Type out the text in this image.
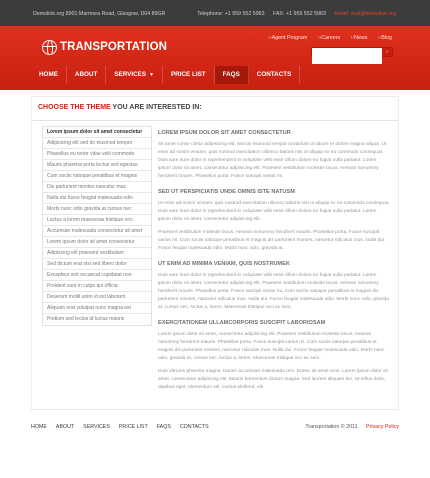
Demolink.org 8901 Marmora Road, Glasgow, D04 89GR	Telephone: +1 959 552 5963 FAX: +1 959 552 5963 Email: mail@demolink.org
TRANSPORTATION
›› Agent Program	›› Careers	›› News	›› Blog
›
HOME	ABOUT	SERVICES ▼	PRICE LIST	FAQS	CONTACTS
CHOOSE THE THEME YOU ARE INTERESTED IN:
Lorem ipsum dolor sit amet consectetur
Adipisicing elit sed do eiusmod tempor
Phasellus eu tortor vitae velit commodo
Mauris pharetra porta lectus sed egestas
Cum sociis natoque penatibus et magnis
Dis parturient montes nascetur mus
Nulla dui fusce feugiat malesuada odio
Morbi nunc odio gravida at cursus nec
Luctus a lorem maecenas tristique orci
Accumsan malesuada consectetur sit amet
Lorem ipsum dolor sit amet consectetur
Adipiscing elit praesent vestibulum
Sed dictum erat nisi sed libero dolor
Excepteur sint occaecat cupidatat non
Proident sunt in culpa qui officia
Deserunt mollit anim id est laborum
Aliquam erat volutpat nunc magna est
Pretium sed lectus id luctus mauris
LOREM IPSUM DOLOR SIT AMET CONSECTETUR

Sit amet conse ctetur adipisicing elit, sed do eiusmod tempor incididunt ut labore et dolore magna aliqua. Ut enim ad minim veniam, quis nostrud exercitation ullamco laboris nisi ut aliquip ex ea commodo consequat. Duis aute irure dolor in reprehenderit in voluptate velit esse cillum dolore eu fugiat nulla pariatur. Lorem ipsum dolor sit amet, consectetur adipisicing elit. Praesent vestibulum molestie lacus. Aenean nonummy hendrerit mauris. Phasellus porta. Fusce suscipit varius mi.

SED UT PERSPICIATIS UNDE OMNIS ISTE NATUSM

Ut enim ad minim veniam, quis nostrud exercitation ullamco laboris nisi ut aliquip ex ea commodo consequat. Duis aute irure dolor in reprehenderit in voluptate velit esse cillum dolore eu fugiat nulla pariatur. Lorem ipsum dolor sit amet, consectetur adipisicing elit.

Praesent vestibulum molestie lacus. Aenean nonummy hendrerit mauris. Phasellus porta. Fusce suscipit varius mi. Cum sociis natoque penatibus et magnis dis parturient montes, nascetur ridiculus mus. Nulla dui. Fusce feugiat malesuada odio. Morbi nunc odio, gravida at.

UT ENIM AD MINIMA VENIAM, QUIS NOSTRUMEK

Duis aute irure dolor in reprehenderit in voluptate velit esse cillum dolore eu fugiat nulla pariatur. Lorem ipsum dolor sit amet, consectetur adipisicing elit. Praesent vestibulum molestie lacus. Aenean nonummy hendrerit mauris. Phasellus porta. Fusce suscipit varius mi. Cum sociis natoque penatibus et magnis dis parturient montes, nascetur ridiculus mus. Nulla dui. Fusce feugiat malesuada odio. Morbi nunc odio, gravida at, cursus nec, luctus a, lorem. Maecenas tristique orci ac sem.

EXERCITATIONEM ULLAMCORPORIS SUSCIPIT LABORIOSAM

Lorem ipsum dolor sit amet, consectetur adipisicing elit. Praesent vestibulum molestie lacus. Aenean nonummy hendrerit mauris. Phasellus porta. Fusce suscipit varius mi. Cum sociis natoque penatibus et magnis dis parturient montes, nascetur ridiculus mus. Nulla dui. Fusce feugiat malesuada odio. Morbi nunc odio, gravida at, cursus nec, luctus a, lorem. Maecenas tristique orci ac sem.

Duis ultricies pharetra magna. Donec accumsan malesuada orci. Donec sit amet eros. Lorem ipsum dolor sit amet, consectetur adipiscing elit. Mauris fermentum dictum magna. Sed laoreet aliquam leo. Ut tellus dolor, dapibus eget, elementum vel, cursus eleifend, elit.

HOME ABOUT SERVICES PRICE LIST FAQS CONTACTS	Transportation © 2011 Privacy Policy
